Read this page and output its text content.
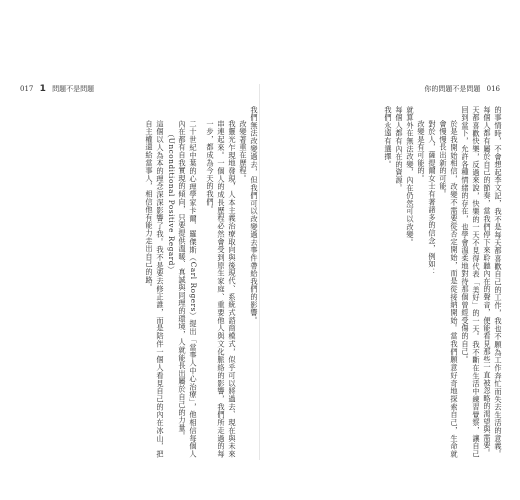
017 1 問題不是問題

我們無法改變過去，但我們可以改變過去事件帶給我們的影響。

改變著重在歷程。

我靈光乍現地發現，人本主義治療取向與後現代、系統式諮商模式，似乎可以將過去、現在與未來串連起來。一個人的成長歷程必然會受到原生家庭、重要他人與文化脈絡的影響，我們所走過的每一步，都成為今天的我們。

二十世紀中葉的心理學家卡爾．羅傑斯（Carl Rogers）提出「當事人中心治療」，他相信每個人內在都有自我實現的傾向，只要提供溫暖、真誠與同理的環境，人就能長出屬於自己的力量。

（Unconditional Positive Regard）

這個以人為本的理念深深影響了我。我不是要去修正誰，而是陪伴一個人看見自己的內在冰山，把自主權還給當事人，相信他有能力走出自己的路。

你的問題不是問題 016

的事情時，不會想起李文記，我不是每天都喜歡自己的工作，我也不願為工作奔忙而失去生活的意義。每個人都有屬於自己的節奏，當我們停下來聆聽內在的聲音，便能看見那些一直被忽略的渴望與需要。

天都喜歡快樂，反過來說，快樂的一天不見得代表「美好」的一天。我不斷在生活中練習覺察，讓自己回到當下，允許各種情緒的存在，也學會溫柔地對待那個曾經受傷的自己。

於是我開始相信，改變不需要從否定開始，而是從接納開始。當我們願意好奇地探索自己，生命就會慢慢長出新的可能。

對於人，薩提爾女士有著諸多的信念，例如：

改變是有可能的。

就算外在無法改變，內在仍然可以改變。

每個人都有內在的資源。

我們永遠有選擇。
